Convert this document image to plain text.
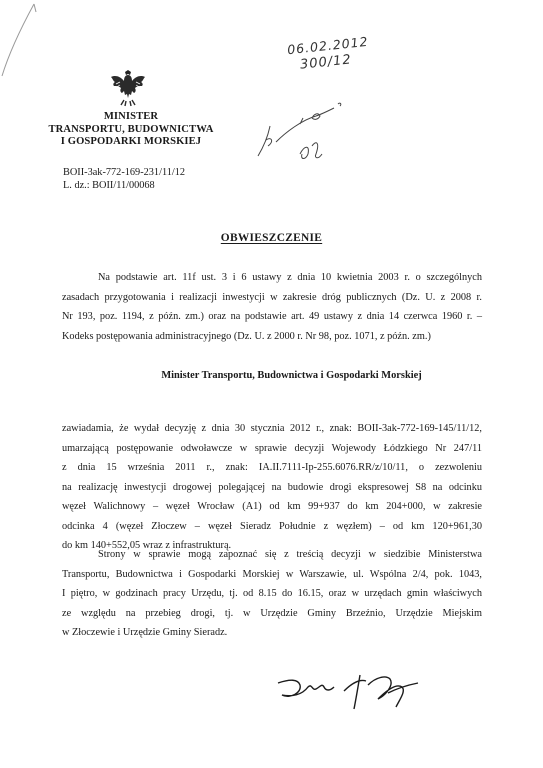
MINISTER
TRANSPORTU, BUDOWNICTWA
I GOSPODARKI MORSKIEJ
BOII-3ak-772-169-231/11/12
L. dz.: BOII/11/00068
06.02.2012
300/12
OBWIESZCZENIE
Na podstawie art. 11f ust. 3 i 6 ustawy z dnia 10 kwietnia 2003 r. o szczególnych
zasadach przygotowania i realizacji inwestycji w zakresie dróg publicznych (Dz. U. z 2008 r.
Nr 193, poz. 1194, z późn. zm.) oraz na podstawie art. 49 ustawy z dnia 14 czerwca 1960 r. –
Kodeks postępowania administracyjnego (Dz. U. z 2000 r. Nr 98, poz. 1071, z późn. zm.)
Minister Transportu, Budownictwa i Gospodarki Morskiej
zawiadamia, że wydał decyzję z dnia 30 stycznia 2012 r., znak: BOII-3ak-772-169-145/11/12,
umarzającą postępowanie odwoławcze w sprawie decyzji Wojewody Łódzkiego Nr 247/11
z dnia 15 września 2011 r., znak: IA.II.7111-Ip-255.6076.RR/z/10/11, o zezwoleniu
na realizację inwestycji drogowej polegającej na budowie drogi ekspresowej S8 na odcinku
węzeł Walichnowy – węzeł Wrocław (A1) od km 99+937 do km 204+000, w zakresie
odcinka 4 (węzeł Złoczew – węzeł Sieradz Południe z węzłem) – od km 120+961,30
do km 140+552,05 wraz z infrastrukturą.
Strony w sprawie mogą zapoznać się z treścią decyzji w siedzibie Ministerstwa
Transportu, Budownictwa i Gospodarki Morskiej w Warszawie, ul. Wspólna 2/4, pok. 1043,
I piętro, w godzinach pracy Urzędu, tj. od 8.15 do 16.15, oraz w urzędach gmin właściwych
ze względu na przebieg drogi, tj. w Urzędzie Gminy Brzeźnio, Urzędzie Miejskim
w Złoczewie i Urzędzie Gminy Sieradz.
